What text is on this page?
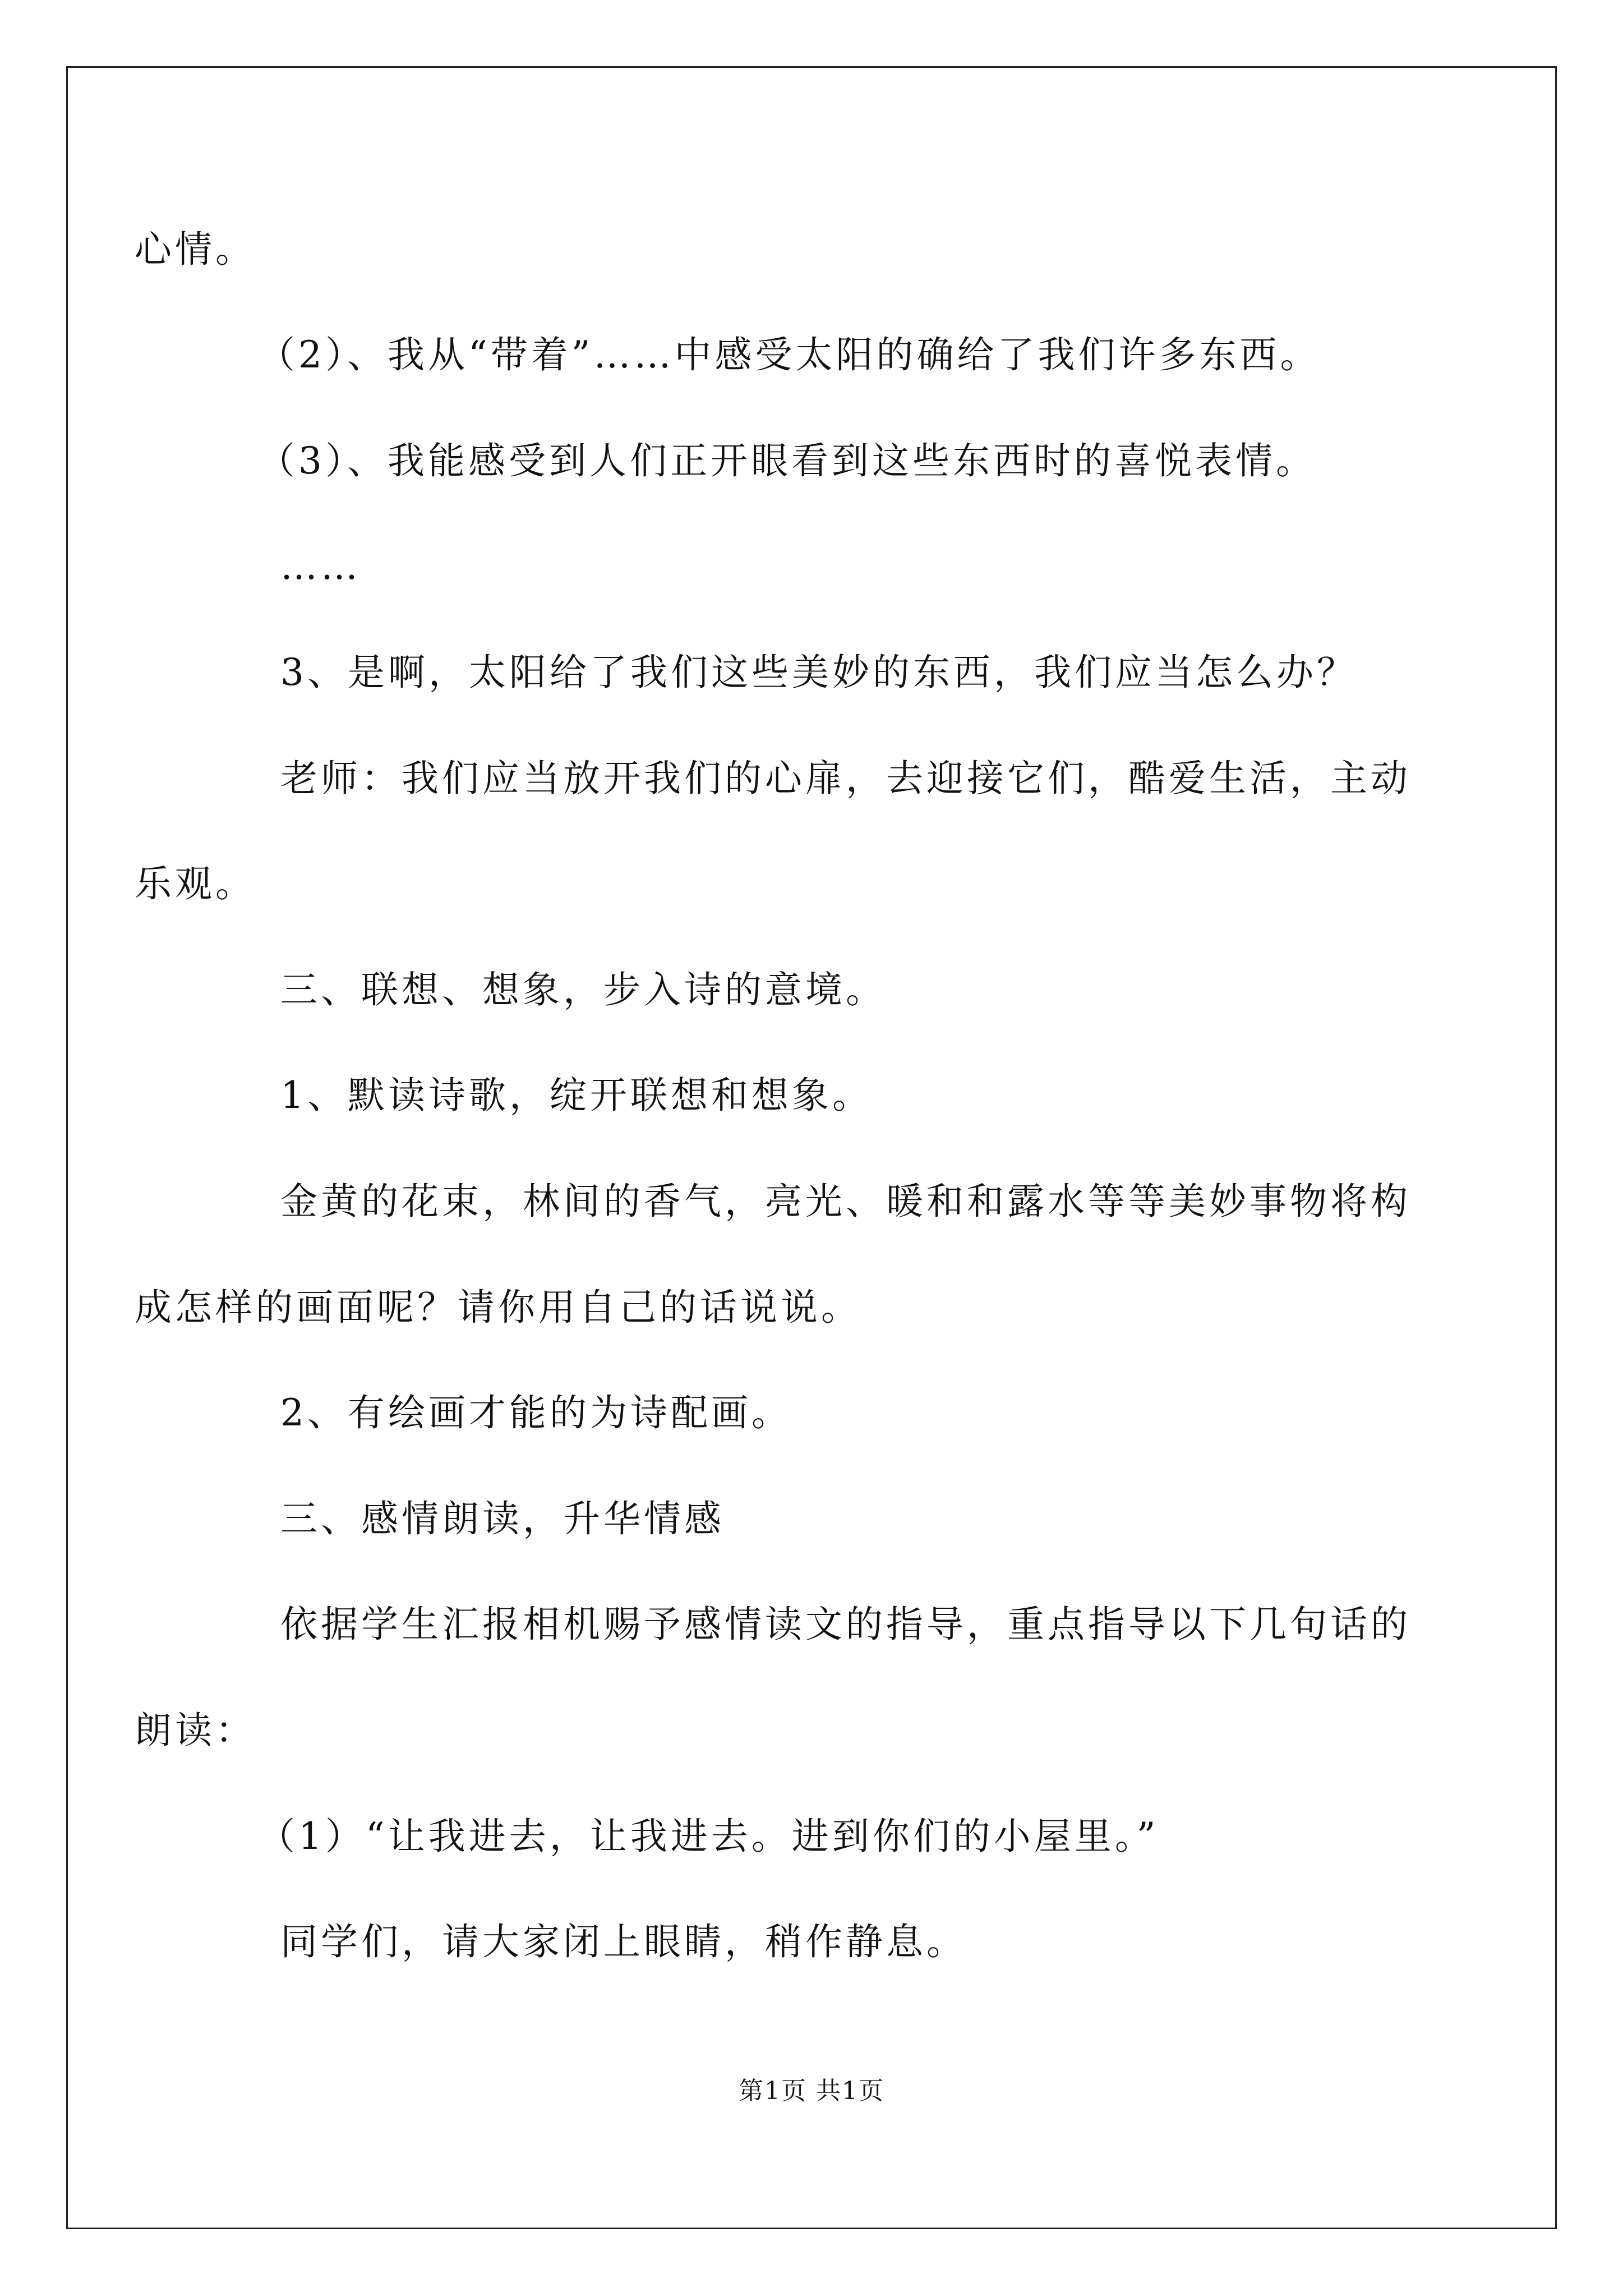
心情。
（2）、我从“带着”……中感受太阳的确给了我们许多东西。
（3）、我能感受到人们正开眼看到这些东西时的喜悦表情。
……
3、是啊，太阳给了我们这些美妙的东西，我们应当怎么办？
老师：我们应当放开我们的心扉，去迎接它们，酷爱生活，主动
乐观。
三、联想、想象，步入诗的意境。
1、默读诗歌，绽开联想和想象。
金黄的花束，林间的香气，亮光、暖和和露水等等美妙事物将构
成怎样的画面呢？请你用自己的话说说。
2、有绘画才能的为诗配画。
三、感情朗读，升华情感
依据学生汇报相机赐予感情读文的指导，重点指导以下几句话的
朗读：
（1）“让我进去，让我进去。进到你们的小屋里。”
同学们，请大家闭上眼睛，稍作静息。
第1页 共1页
